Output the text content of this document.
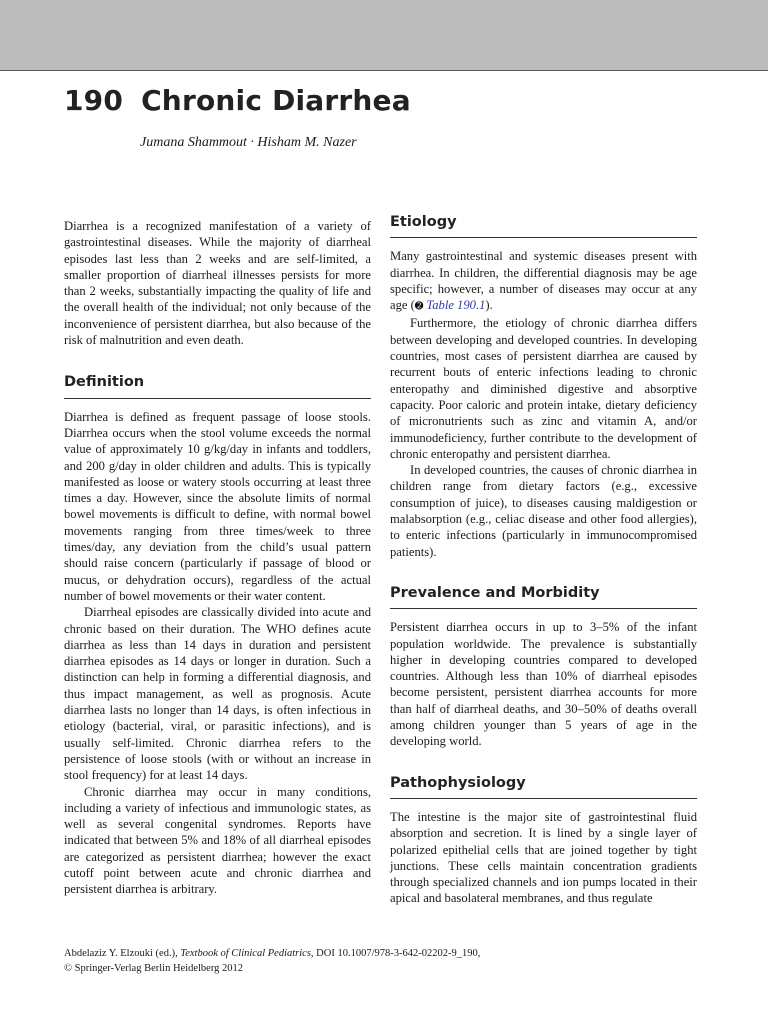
190 Chronic Diarrhea
Jumana Shammout · Hisham M. Nazer

Diarrhea is a recognized manifestation of a variety of gastrointestinal diseases. While the majority of diarrheal episodes last less than 2 weeks and are self-limited, a smaller proportion of diarrheal illnesses persists for more than 2 weeks, substantially impacting the quality of life and the overall health of the individual; not only because of the inconvenience of persistent diarrhea, but also because of the risk of malnutrition and even death.

Definition

Diarrhea is defined as frequent passage of loose stools. Diarrhea occurs when the stool volume exceeds the normal value of approximately 10 g/kg/day in infants and toddlers, and 200 g/day in older children and adults. This is typically manifested as loose or watery stools occurring at least three times a day. However, since the absolute limits of normal bowel movements is difficult to define, with normal bowel movements ranging from three times/week to three times/day, any deviation from the child’s usual pattern should raise concern (particularly if passage of blood or mucus, or dehydration occurs), regardless of the actual number of bowel movements or their water content.

Diarrheal episodes are classically divided into acute and chronic based on their duration. The WHO defines acute diarrhea as less than 14 days in duration and persistent diarrhea episodes as 14 days or longer in duration. Such a distinction can help in forming a differential diagnosis, and thus impact management, as well as prognosis. Acute diarrhea lasts no longer than 14 days, is often infectious in etiology (bacterial, viral, or parasitic infections), and is usually self-limited. Chronic diarrhea refers to the persistence of loose stools (with or without an increase in stool frequency) for at least 14 days.

Chronic diarrhea may occur in many conditions, including a variety of infectious and immunologic states, as well as several congenital syndromes. Reports have indicated that between 5% and 18% of all diarrheal episodes are categorized as persistent diarrhea; however the exact cutoff point between acute and chronic diarrhea and persistent diarrhea is arbitrary.

Etiology

Many gastrointestinal and systemic diseases present with diarrhea. In children, the differential diagnosis may be age specific; however, a number of diseases may occur at any age (➋ Table 190.1).

Furthermore, the etiology of chronic diarrhea differs between developing and developed countries. In developing countries, most cases of persistent diarrhea are caused by recurrent bouts of enteric infections leading to chronic enteropathy and diminished digestive and absorptive capacity. Poor caloric and protein intake, dietary deficiency of micronutrients such as zinc and vitamin A, and/or immunodeficiency, further contribute to the development of chronic enteropathy and persistent diarrhea.

In developed countries, the causes of chronic diarrhea in children range from dietary factors (e.g., excessive consumption of juice), to diseases causing maldigestion or malabsorption (e.g., celiac disease and other food allergies), to enteric infections (particularly in immunocompromised patients).

Prevalence and Morbidity

Persistent diarrhea occurs in up to 3–5% of the infant population worldwide. The prevalence is substantially higher in developing countries compared to developed countries. Although less than 10% of diarrheal episodes become persistent, persistent diarrhea accounts for more than half of diarrheal deaths, and 30–50% of deaths overall among children younger than 5 years of age in the developing world.

Pathophysiology

The intestine is the major site of gastrointestinal fluid absorption and secretion. It is lined by a single layer of polarized epithelial cells that are joined together by tight junctions. These cells maintain concentration gradients through specialized channels and ion pumps located in their apical and basolateral membranes, and thus regulate

Abdelaziz Y. Elzouki (ed.), Textbook of Clinical Pediatrics, DOI 10.1007/978-3-642-02202-9_190,
© Springer-Verlag Berlin Heidelberg 2012
